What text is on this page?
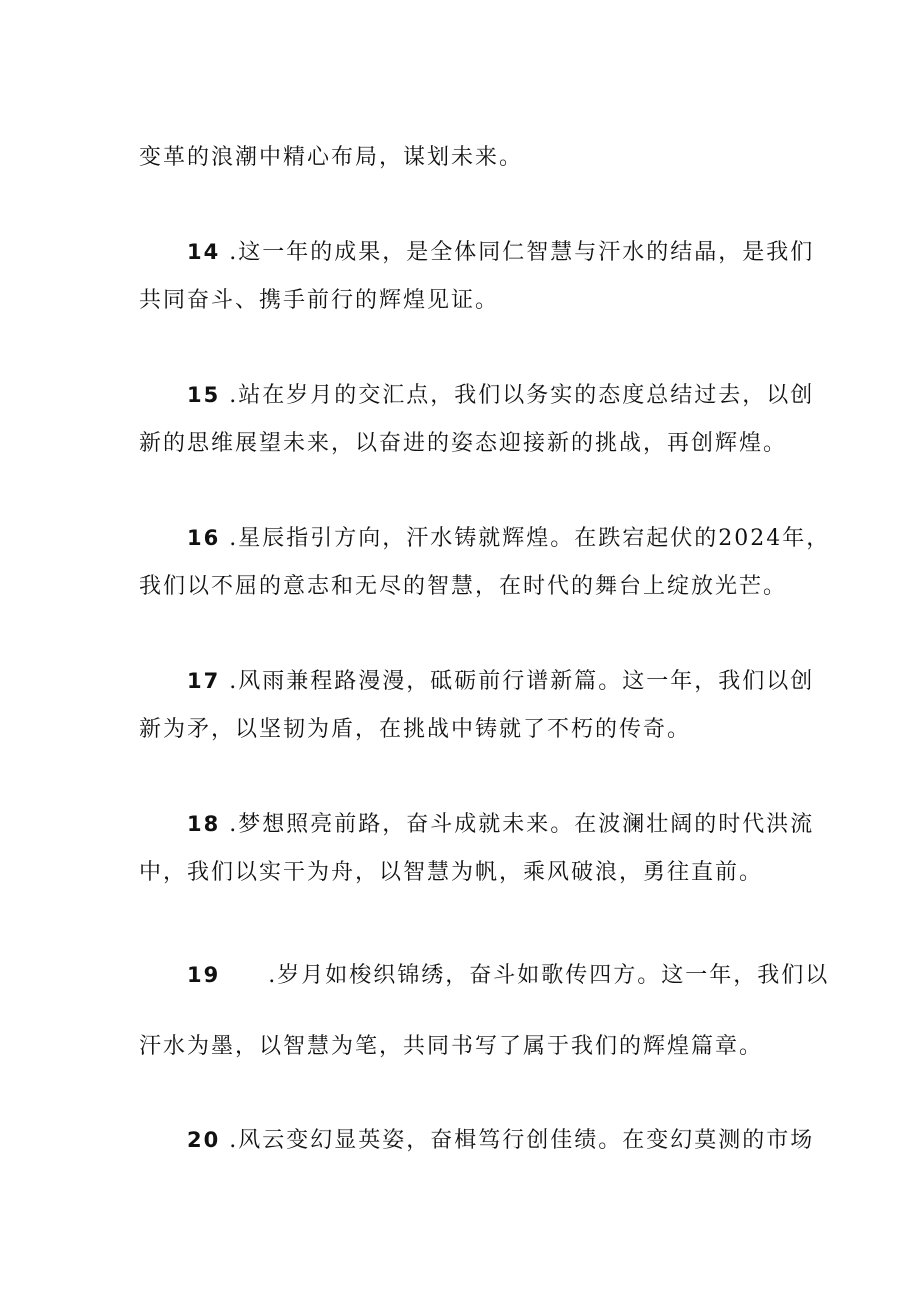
变革的浪潮中精心布局，谋划未来。
14 .这一年的成果，是全体同仁智慧与汗水的结晶，是我们
共同奋斗、携手前行的辉煌见证。
15 .站在岁月的交汇点，我们以务实的态度总结过去，以创
新的思维展望未来，以奋进的姿态迎接新的挑战，再创辉煌。
16 .星辰指引方向，汗水铸就辉煌。在跌宕起伏的2024年，
我们以不屈的意志和无尽的智慧，在时代的舞台上绽放光芒。
17 .风雨兼程路漫漫，砥砺前行谱新篇。这一年，我们以创
新为矛，以坚韧为盾，在挑战中铸就了不朽的传奇。
18 .梦想照亮前路，奋斗成就未来。在波澜壮阔的时代洪流
中，我们以实干为舟，以智慧为帆，乘风破浪，勇往直前。
19 .岁月如梭织锦绣，奋斗如歌传四方。这一年，我们以
汗水为墨，以智慧为笔，共同书写了属于我们的辉煌篇章。
20 .风云变幻显英姿，奋楫笃行创佳绩。在变幻莫测的市场
